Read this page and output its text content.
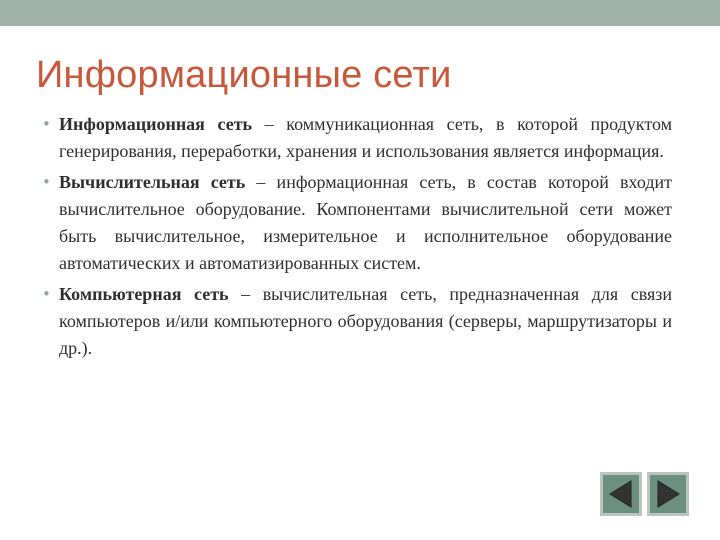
Информационные сети
• Информационная сеть – коммуникационная сеть, в которой продуктом генерирования, переработки, хранения и использования является информация.
• Вычислительная сеть – информационная сеть, в состав которой входит вычислительное оборудование. Компонентами вычислительной сети может быть вычислительное, измерительное и исполнительное оборудование автоматических и автоматизированных систем.
• Компьютерная сеть – вычислительная сеть, предназначенная для связи компьютеров и/или компьютерного оборудования (серверы, маршрутизаторы и др.).
